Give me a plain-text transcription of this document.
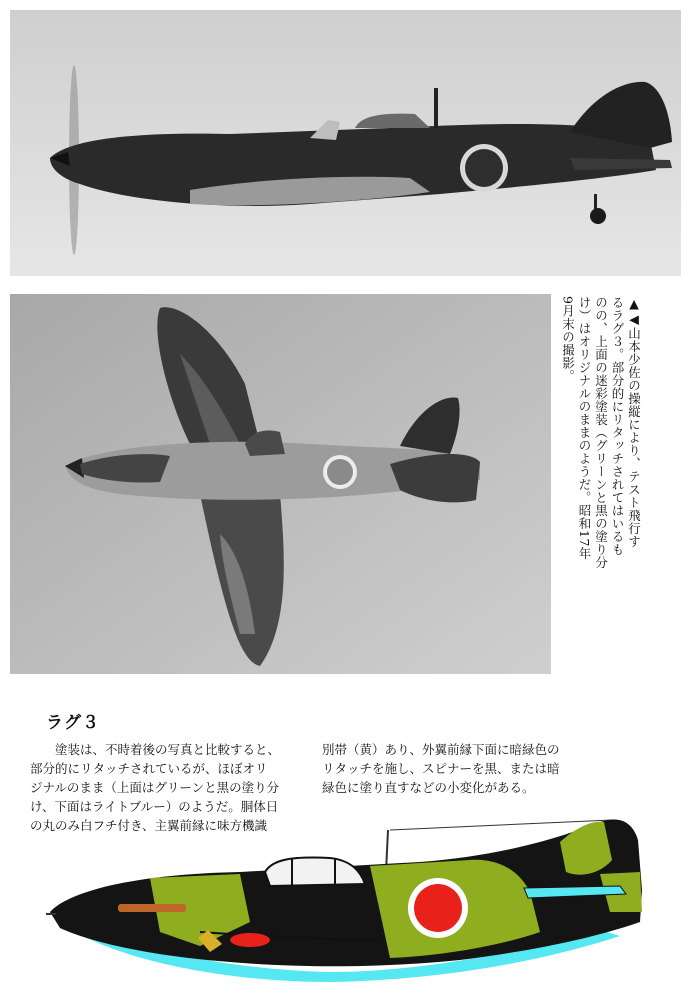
▲◀山本少佐の操縦により、テスト飛行す
るラグ３。部分的にリタッチされてはいるも
のの、上面の迷彩塗装（グリーンと黒の塗り分
け）はオリジナルのままのようだ。昭和17年
9月末の撮影。
ラグ３
塗装は、不時着後の写真と比較すると、
部分的にリタッチされているが、ほぼオリ
ジナルのまま（上面はグリーンと黒の塗り分
け、下面はライトブルー）のようだ。胴体日
の丸のみ白フチ付き、主翼前縁に味方機識
別帯（黄）あり、外翼前縁下面に暗緑色の
リタッチを施し、スピナーを黒、または暗
緑色に塗り直すなどの小変化がある。
